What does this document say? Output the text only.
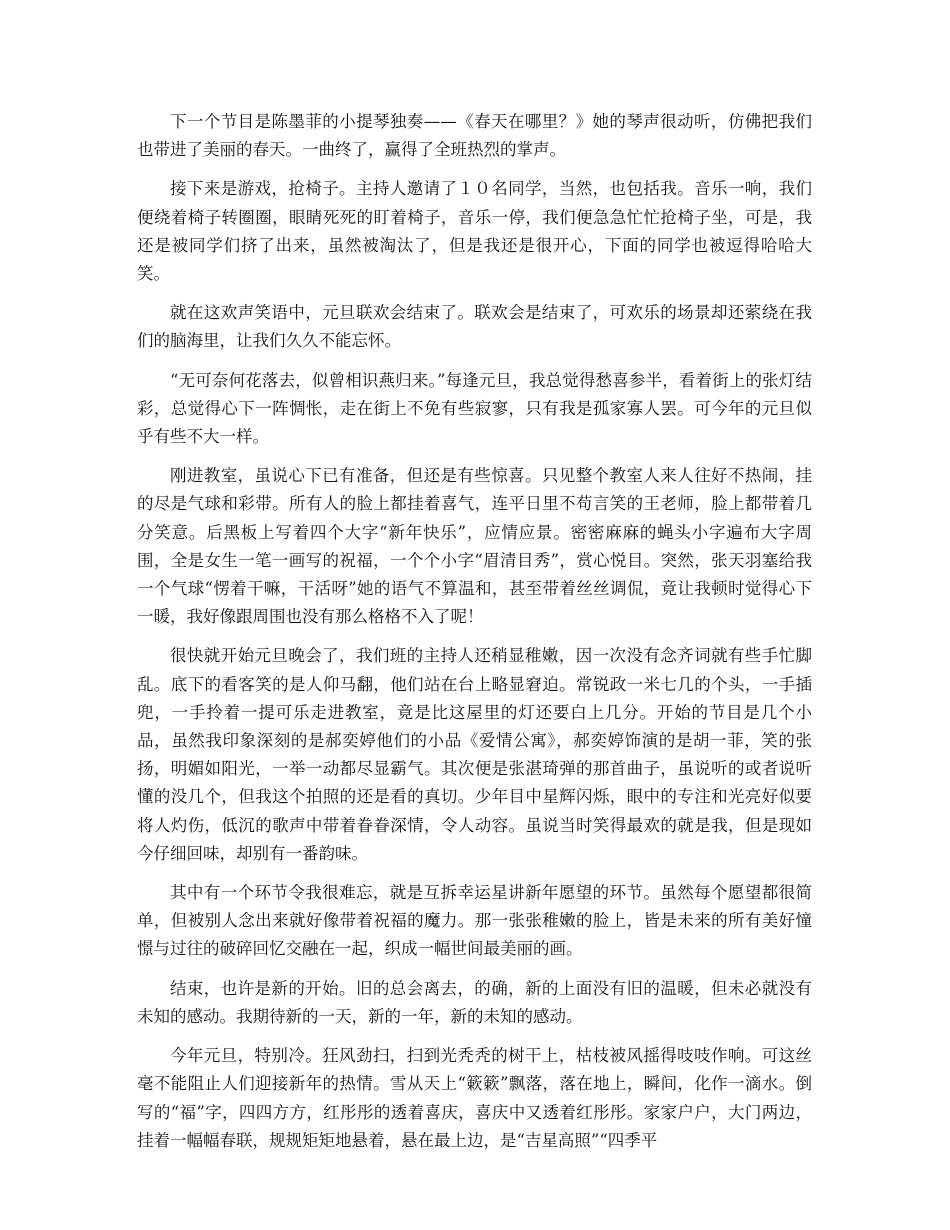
下一个节目是陈墨菲的小提琴独奏——《春天在哪里？》她的琴声很动听，仿佛把我们也带进了美丽的春天。一曲终了，赢得了全班热烈的掌声。

接下来是游戏，抢椅子。主持人邀请了１０名同学，当然，也包括我。音乐一响，我们便绕着椅子转圈圈，眼睛死死的盯着椅子，音乐一停，我们便急急忙忙抢椅子坐，可是，我还是被同学们挤了出来，虽然被淘汰了，但是我还是很开心，下面的同学也被逗得哈哈大笑。

就在这欢声笑语中，元旦联欢会结束了。联欢会是结束了，可欢乐的场景却还萦绕在我们的脑海里，让我们久久不能忘怀。

“无可奈何花落去，似曾相识燕归来。”每逢元旦，我总觉得愁喜参半，看着街上的张灯结彩，总觉得心下一阵惆怅，走在街上不免有些寂寥，只有我是孤家寡人罢。可今年的元旦似乎有些不大一样。

刚进教室，虽说心下已有准备，但还是有些惊喜。只见整个教室人来人往好不热闹，挂的尽是气球和彩带。所有人的脸上都挂着喜气，连平日里不苟言笑的王老师，脸上都带着几分笑意。后黑板上写着四个大字“新年快乐”，应情应景。密密麻麻的蝇头小字遍布大字周围，全是女生一笔一画写的祝福，一个个小字“眉清目秀”，赏心悦目。突然，张天羽塞给我一个气球“愣着干嘛，干活呀”她的语气不算温和，甚至带着丝丝调侃，竟让我顿时觉得心下一暖，我好像跟周围也没有那么格格不入了呢！

很快就开始元旦晚会了，我们班的主持人还稍显稚嫩，因一次没有念齐词就有些手忙脚乱。底下的看客笑的是人仰马翻，他们站在台上略显窘迫。常锐政一米七几的个头，一手插兜，一手拎着一提可乐走进教室，竟是比这屋里的灯还要白上几分。开始的节目是几个小品，虽然我印象深刻的是郝奕婷他们的小品《爱情公寓》，郝奕婷饰演的是胡一菲，笑的张扬，明媚如阳光，一举一动都尽显霸气。其次便是张湛琦弹的那首曲子，虽说听的或者说听懂的没几个，但我这个拍照的还是看的真切。少年目中星辉闪烁，眼中的专注和光亮好似要将人灼伤，低沉的歌声中带着眷眷深情，令人动容。虽说当时笑得最欢的就是我，但是现如今仔细回味，却别有一番韵味。

其中有一个环节令我很难忘，就是互拆幸运星讲新年愿望的环节。虽然每个愿望都很简单，但被别人念出来就好像带着祝福的魔力。那一张张稚嫩的脸上，皆是未来的所有美好憧憬与过往的破碎回忆交融在一起，织成一幅世间最美丽的画。

结束，也许是新的开始。旧的总会离去，的确，新的上面没有旧的温暖，但未必就没有未知的感动。我期待新的一天，新的一年，新的未知的感动。

今年元旦，特别冷。狂风劲扫，扫到光秃秃的树干上，枯枝被风摇得吱吱作响。可这丝毫不能阻止人们迎接新年的热情。雪从天上“簌簌”飘落，落在地上，瞬间，化作一滴水。倒写的“福”字，四四方方，红彤彤的透着喜庆，喜庆中又透着红彤彤。家家户户，大门两边，挂着一幅幅春联，规规矩矩地悬着，悬在最上边，是“吉星高照”“四季平
